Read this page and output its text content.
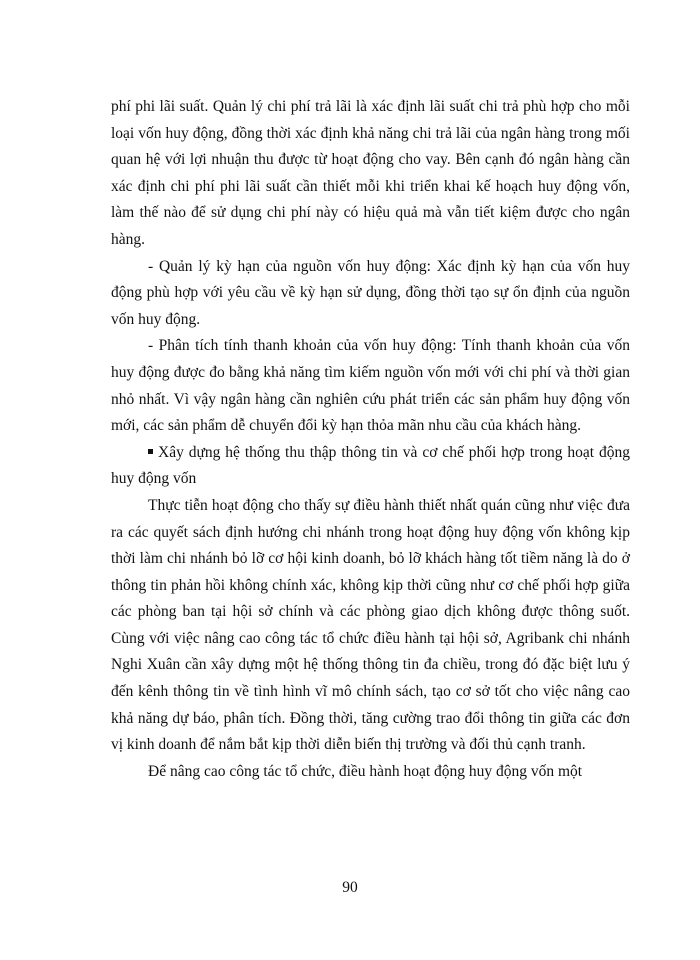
phí phi lãi suất. Quản lý chi phí trả lãi là xác định lãi suất chi trả phù hợp cho mỗi loại vốn huy động, đồng thời xác định khả năng chi trả lãi của ngân hàng trong mối quan hệ với lợi nhuận thu được từ hoạt động cho vay. Bên cạnh đó ngân hàng cần xác định chi phí phi lãi suất cần thiết mỗi khi triển khai kế hoạch huy động vốn, làm thế nào để sử dụng chi phí này có hiệu quả mà vẫn tiết kiệm được cho ngân hàng.

- Quản lý kỳ hạn của nguồn vốn huy động: Xác định kỳ hạn của vốn huy động phù hợp với yêu cầu về kỳ hạn sử dụng, đồng thời tạo sự ổn định của nguồn vốn huy động.

- Phân tích tính thanh khoản của vốn huy động: Tính thanh khoản của vốn huy động được đo bằng khả năng tìm kiếm nguồn vốn mới với chi phí và thời gian nhỏ nhất. Vì vậy ngân hàng cần nghiên cứu phát triển các sản phẩm huy động vốn mới, các sản phẩm dễ chuyển đổi kỳ hạn thỏa mãn nhu cầu của khách hàng.

Xây dựng hệ thống thu thập thông tin và cơ chế phối hợp trong hoạt động huy động vốn

Thực tiễn hoạt động cho thấy sự điều hành thiết nhất quán cũng như việc đưa ra các quyết sách định hướng chi nhánh trong hoạt động huy động vốn không kịp thời làm chi nhánh bỏ lỡ cơ hội kinh doanh, bỏ lỡ khách hàng tốt tiềm năng là do ở thông tin phản hồi không chính xác, không kịp thời cũng như cơ chế phối hợp giữa các phòng ban tại hội sở chính và các phòng giao dịch không được thông suốt. Cùng với việc nâng cao công tác tổ chức điều hành tại hội sở, Agribank chi nhánh Nghi Xuân cần xây dựng một hệ thống thông tin đa chiều, trong đó đặc biệt lưu ý đến kênh thông tin về tình hình vĩ mô chính sách, tạo cơ sở tốt cho việc nâng cao khả năng dự báo, phân tích. Đồng thời, tăng cường trao đổi thông tin giữa các đơn vị kinh doanh để nắm bắt kịp thời diễn biến thị trường và đối thủ cạnh tranh.

Để nâng cao công tác tổ chức, điều hành hoạt động huy động vốn một

90
